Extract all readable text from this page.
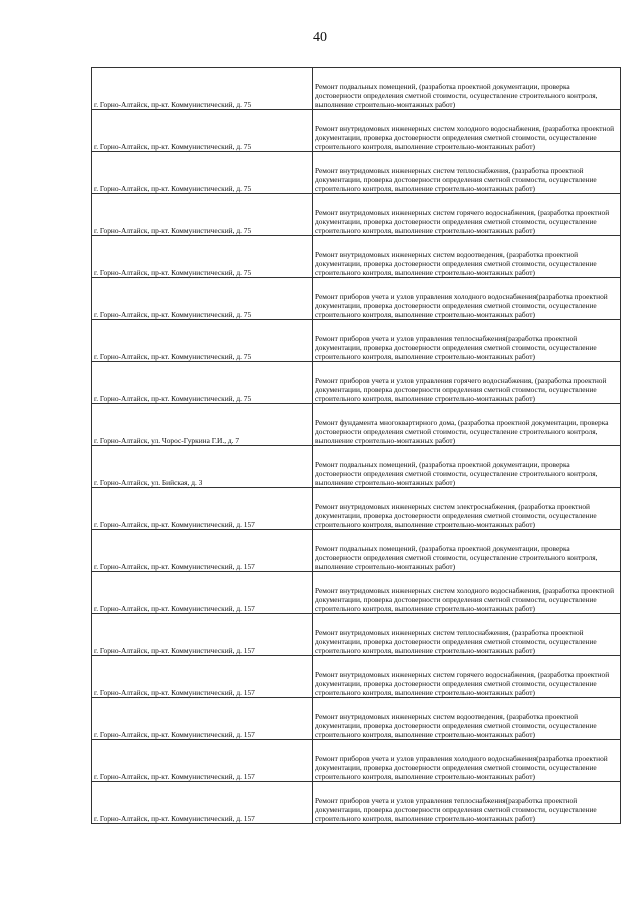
40
г. Горно-Алтайск, пр-кт. Коммунистический, д. 75	Ремонт подвальных помещений, (разработка проектной документации, проверка достоверности определения сметной стоимости, осуществление строительного контроля, выполнение строительно-монтажных работ)
г. Горно-Алтайск, пр-кт. Коммунистический, д. 75	Ремонт внутридомовых инженерных систем холодного водоснабжения, (разработка проектной документации, проверка достоверности определения сметной стоимости, осуществление строительного контроля, выполнение строительно-монтажных работ)
г. Горно-Алтайск, пр-кт. Коммунистический, д. 75	Ремонт внутридомовых инженерных систем теплоснабжения, (разработка проектной документации, проверка достоверности определения сметной стоимости, осуществление строительного контроля, выполнение строительно-монтажных работ)
г. Горно-Алтайск, пр-кт. Коммунистический, д. 75	Ремонт внутридомовых инженерных систем горячего водоснабжения, (разработка проектной документации, проверка достоверности определения сметной стоимости, осуществление строительного контроля, выполнение строительно-монтажных работ)
г. Горно-Алтайск, пр-кт. Коммунистический, д. 75	Ремонт внутридомовых инженерных систем водоотведения, (разработка проектной документации, проверка достоверности определения сметной стоимости, осуществление строительного контроля, выполнение строительно-монтажных работ)
г. Горно-Алтайск, пр-кт. Коммунистический, д. 75	Ремонт приборов учета и узлов управления холодного водоснабжения(разработка проектной документации, проверка достоверности определения сметной стоимости, осуществление строительного контроля, выполнение строительно-монтажных работ)
г. Горно-Алтайск, пр-кт. Коммунистический, д. 75	Ремонт приборов учета и узлов управления теплоснабжения(разработка проектной документации, проверка достоверности определения сметной стоимости, осуществление строительного контроля, выполнение строительно-монтажных работ)
г. Горно-Алтайск, пр-кт. Коммунистический, д. 75	Ремонт приборов учета и узлов управления горячего водоснабжения, (разработка проектной документации, проверка достоверности определения сметной стоимости, осуществление строительного контроля, выполнение строительно-монтажных работ)
г. Горно-Алтайск, ул. Чорос-Гуркина Г.И., д. 7	Ремонт фундамента многоквартирного дома, (разработка проектной документации, проверка достоверности определения сметной стоимости, осуществление строительного контроля, выполнение строительно-монтажных работ)
г. Горно-Алтайск, ул. Бийская, д. 3	Ремонт подвальных помещений, (разработка проектной документации, проверка достоверности определения сметной стоимости, осуществление строительного контроля, выполнение строительно-монтажных работ)
г. Горно-Алтайск, пр-кт. Коммунистический, д. 157	Ремонт внутридомовых инженерных систем электроснабжения, (разработка проектной документации, проверка достоверности определения сметной стоимости, осуществление строительного контроля, выполнение строительно-монтажных работ)
г. Горно-Алтайск, пр-кт. Коммунистический, д. 157	Ремонт подвальных помещений, (разработка проектной документации, проверка достоверности определения сметной стоимости, осуществление строительного контроля, выполнение строительно-монтажных работ)
г. Горно-Алтайск, пр-кт. Коммунистический, д. 157	Ремонт внутридомовых инженерных систем холодного водоснабжения, (разработка проектной документации, проверка достоверности определения сметной стоимости, осуществление строительного контроля, выполнение строительно-монтажных работ)
г. Горно-Алтайск, пр-кт. Коммунистический, д. 157	Ремонт внутридомовых инженерных систем теплоснабжения, (разработка проектной документации, проверка достоверности определения сметной стоимости, осуществление строительного контроля, выполнение строительно-монтажных работ)
г. Горно-Алтайск, пр-кт. Коммунистический, д. 157	Ремонт внутридомовых инженерных систем горячего водоснабжения, (разработка проектной документации, проверка достоверности определения сметной стоимости, осуществление строительного контроля, выполнение строительно-монтажных работ)
г. Горно-Алтайск, пр-кт. Коммунистический, д. 157	Ремонт внутридомовых инженерных систем водоотведения, (разработка проектной документации, проверка достоверности определения сметной стоимости, осуществление строительного контроля, выполнение строительно-монтажных работ)
г. Горно-Алтайск, пр-кт. Коммунистический, д. 157	Ремонт приборов учета и узлов управления холодного водоснабжения(разработка проектной документации, проверка достоверности определения сметной стоимости, осуществление строительного контроля, выполнение строительно-монтажных работ)
г. Горно-Алтайск, пр-кт. Коммунистический, д. 157	Ремонт приборов учета и узлов управления теплоснабжения(разработка проектной документации, проверка достоверности определения сметной стоимости, осуществление строительного контроля, выполнение строительно-монтажных работ)
